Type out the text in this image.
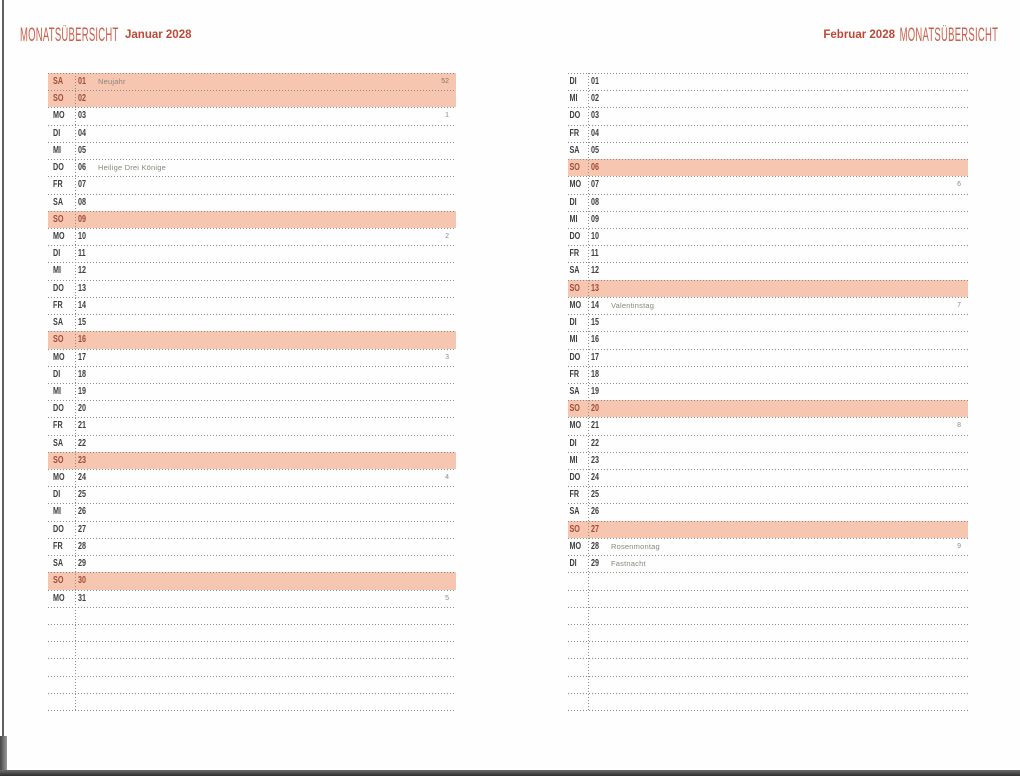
MONATSÜBERSICHT Januar 2028	Februar 2028 MONATSÜBERSICHT
SA	01	Neujahr	52
SO	02
MO 03	1
DI	04
MI	05
DO	06	Heilige Drei Könige
FR	07
SA	08
SO	09
MO 10	2
DI	11
MI	12
DO	13
FR	14
SA	15
SO	16
MO 17	3
DI	18
MI	19
DO	20
FR	21
SA	22
SO	23
MO 24	4
DI	25
MI	26
DO	27
FR	28
SA	29
SO	30
MO 31	5
DI	01
MI	02
DO 03
FR	04
SA 05
SO 06
MO 07	6
DI	08
MI	09
DO 10
FR	11
SA 12
SO 13
MO 14	Valentinstag	7
DI	15
MI	16
DO 17
FR	18
SA 19
SO 20
MO 21	8
DI	22
MI	23
DO 24
FR	25
SA 26
SO 27
MO 28	Rosenmontag	9
DI	29	Fastnacht
